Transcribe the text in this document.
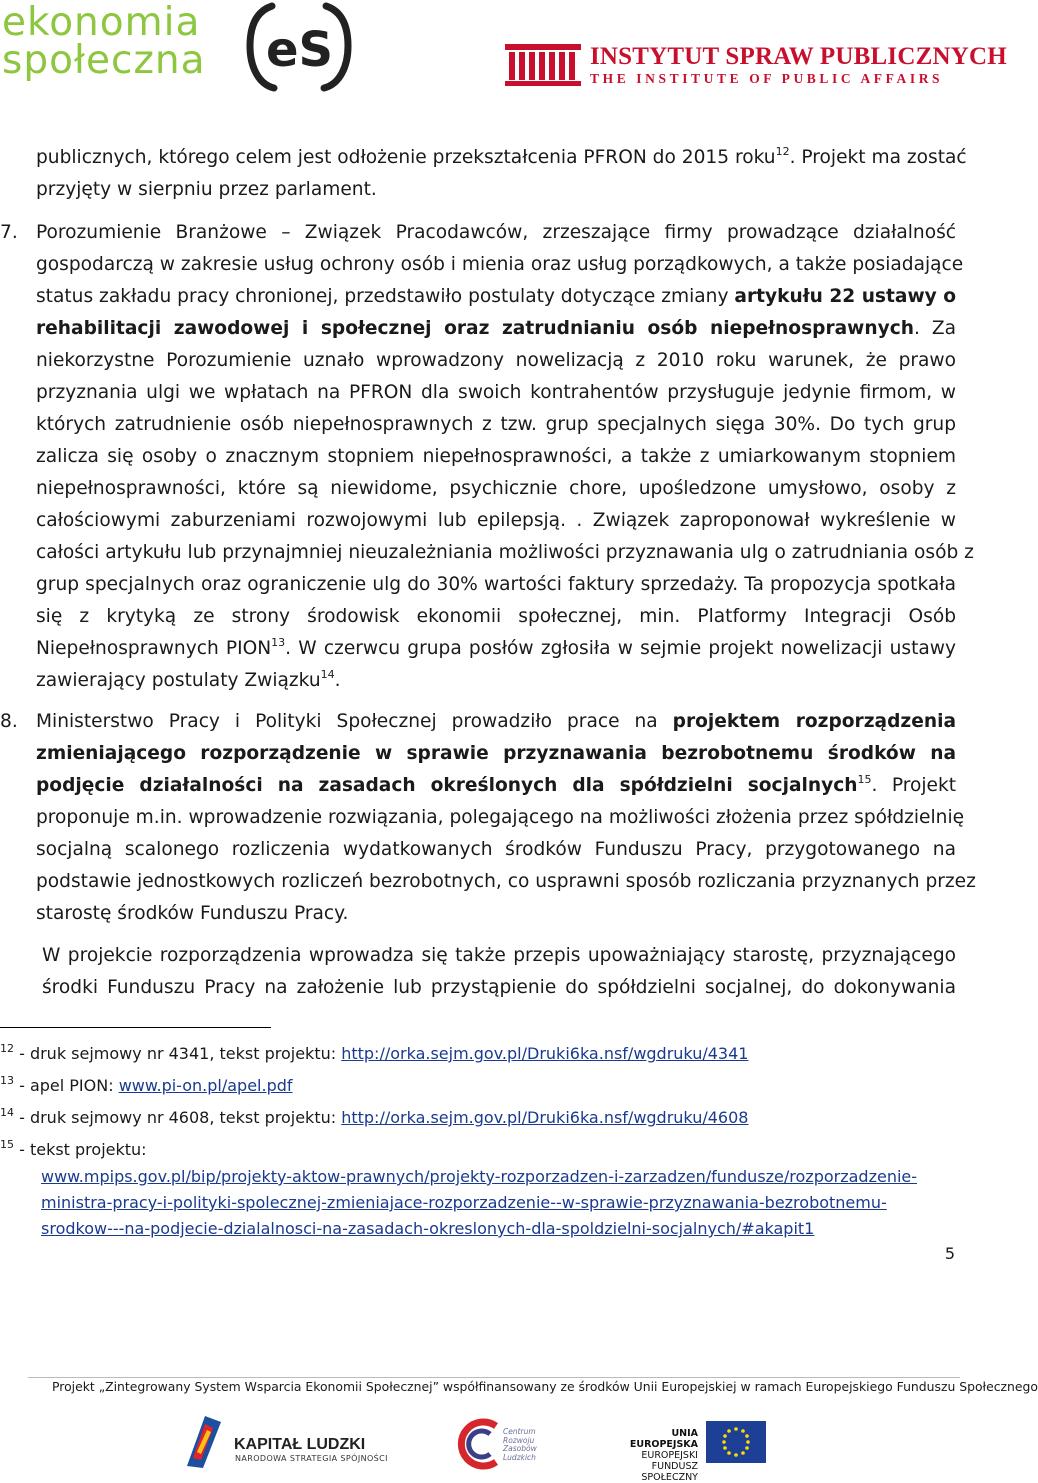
ekonomia
społeczna eS	INSTYTUT SPRAW PUBLICZNYCH
THE INSTITUTE OF PUBLIC AFFAIRS
publicznych, którego celem jest odłożenie przekształcenia PFRON do 2015 roku$^{12}$. Projekt ma zostać
przyjęty w sierpniu przez parlament.
7. Porozumienie Branżowe – Związek Pracodawców, zrzeszające firmy prowadzące działalność
gospodarczą w zakresie usług ochrony osób i mienia oraz usług porządkowych, a także posiadające
status zakładu pracy chronionej, przedstawiło postulaty dotyczące zmiany artykułu 22 ustawy o
rehabilitacji zawodowej i społecznej oraz zatrudnianiu osób niepełnosprawnych. Za
niekorzystne Porozumienie uznało wprowadzony nowelizacją z 2010 roku warunek, że prawo
przyznania ulgi we wpłatach na PFRON dla swoich kontrahentów przysługuje jedynie firmom, w
których zatrudnienie osób niepełnosprawnych z tzw. grup specjalnych sięga 30%. Do tych grup
zalicza się osoby o znacznym stopniem niepełnosprawności, a także z umiarkowanym stopniem
niepełnosprawności, które są niewidome, psychicznie chore, upośledzone umysłowo, osoby z
całościowymi zaburzeniami rozwojowymi lub epilepsją. . Związek zaproponował wykreślenie w
całości artykułu lub przynajmniej nieuzależniania możliwości przyznawania ulg o zatrudniania osób z
grup specjalnych oraz ograniczenie ulg do 30% wartości faktury sprzedaży. Ta propozycja spotkała
się z krytyką ze strony środowisk ekonomii społecznej, min. Platformy Integracji Osób
Niepełnosprawnych PION$^{13}$. W czerwcu grupa posłów zgłosiła w sejmie projekt nowelizacji ustawy
zawierający postulaty Związku$^{14}$.
8. Ministerstwo Pracy i Polityki Społecznej prowadziło prace na projektem rozporządzenia
zmieniającego rozporządzenie w sprawie przyznawania bezrobotnemu środków na
podjęcie działalności na zasadach określonych dla spółdzielni socjalnych$^{15}$. Projekt
proponuje m.in. wprowadzenie rozwiązania, polegającego na możliwości złożenia przez spółdzielnię
socjalną scalonego rozliczenia wydatkowanych środków Funduszu Pracy, przygotowanego na
podstawie jednostkowych rozliczeń bezrobotnych, co usprawni sposób rozliczania przyznanych przez
starostę środków Funduszu Pracy.
W projekcie rozporządzenia wprowadza się także przepis upoważniający starostę, przyznającego
środki Funduszu Pracy na założenie lub przystąpienie do spółdzielni socjalnej, do dokonywania
$^{12}$ - druk sejmowy nr 4341, tekst projektu: http://orka.sejm.gov.pl/Druki6ka.nsf/wgdruku/4341
$^{13}$ - apel PION: www.pi-on.pl/apel.pdf
$^{14}$ - druk sejmowy nr 4608, tekst projektu: http://orka.sejm.gov.pl/Druki6ka.nsf/wgdruku/4608
$^{15}$ - tekst projektu:
www.mpips.gov.pl/bip/projekty-aktow-prawnych/projekty-rozporzadzen-i-zarzadzen/fundusze/rozporzadzenie-
ministra-pracy-i-polityki-spolecznej-zmieniajace-rozporzadzenie--w-sprawie-przyznawania-bezrobotnemu-
srodkow---na-podjecie-dzialalnosci-na-zasadach-okreslonych-dla-spoldzielni-socjalnych/#akapit1
5
Projekt „Zintegrowany System Wsparcia Ekonomii Społecznej” współfinansowany ze środków Unii Europejskiej w ramach Europejskiego Funduszu Społecznego
KAPITAŁ LUDZKI
NARODOWA STRATEGIA SPÓJNOŚCI
Centrum
Rozwoju
Zasobów
Ludzkich
UNIA EUROPEJSKA
EUROPEJSKI
FUNDUSZ SPOŁECZNY
